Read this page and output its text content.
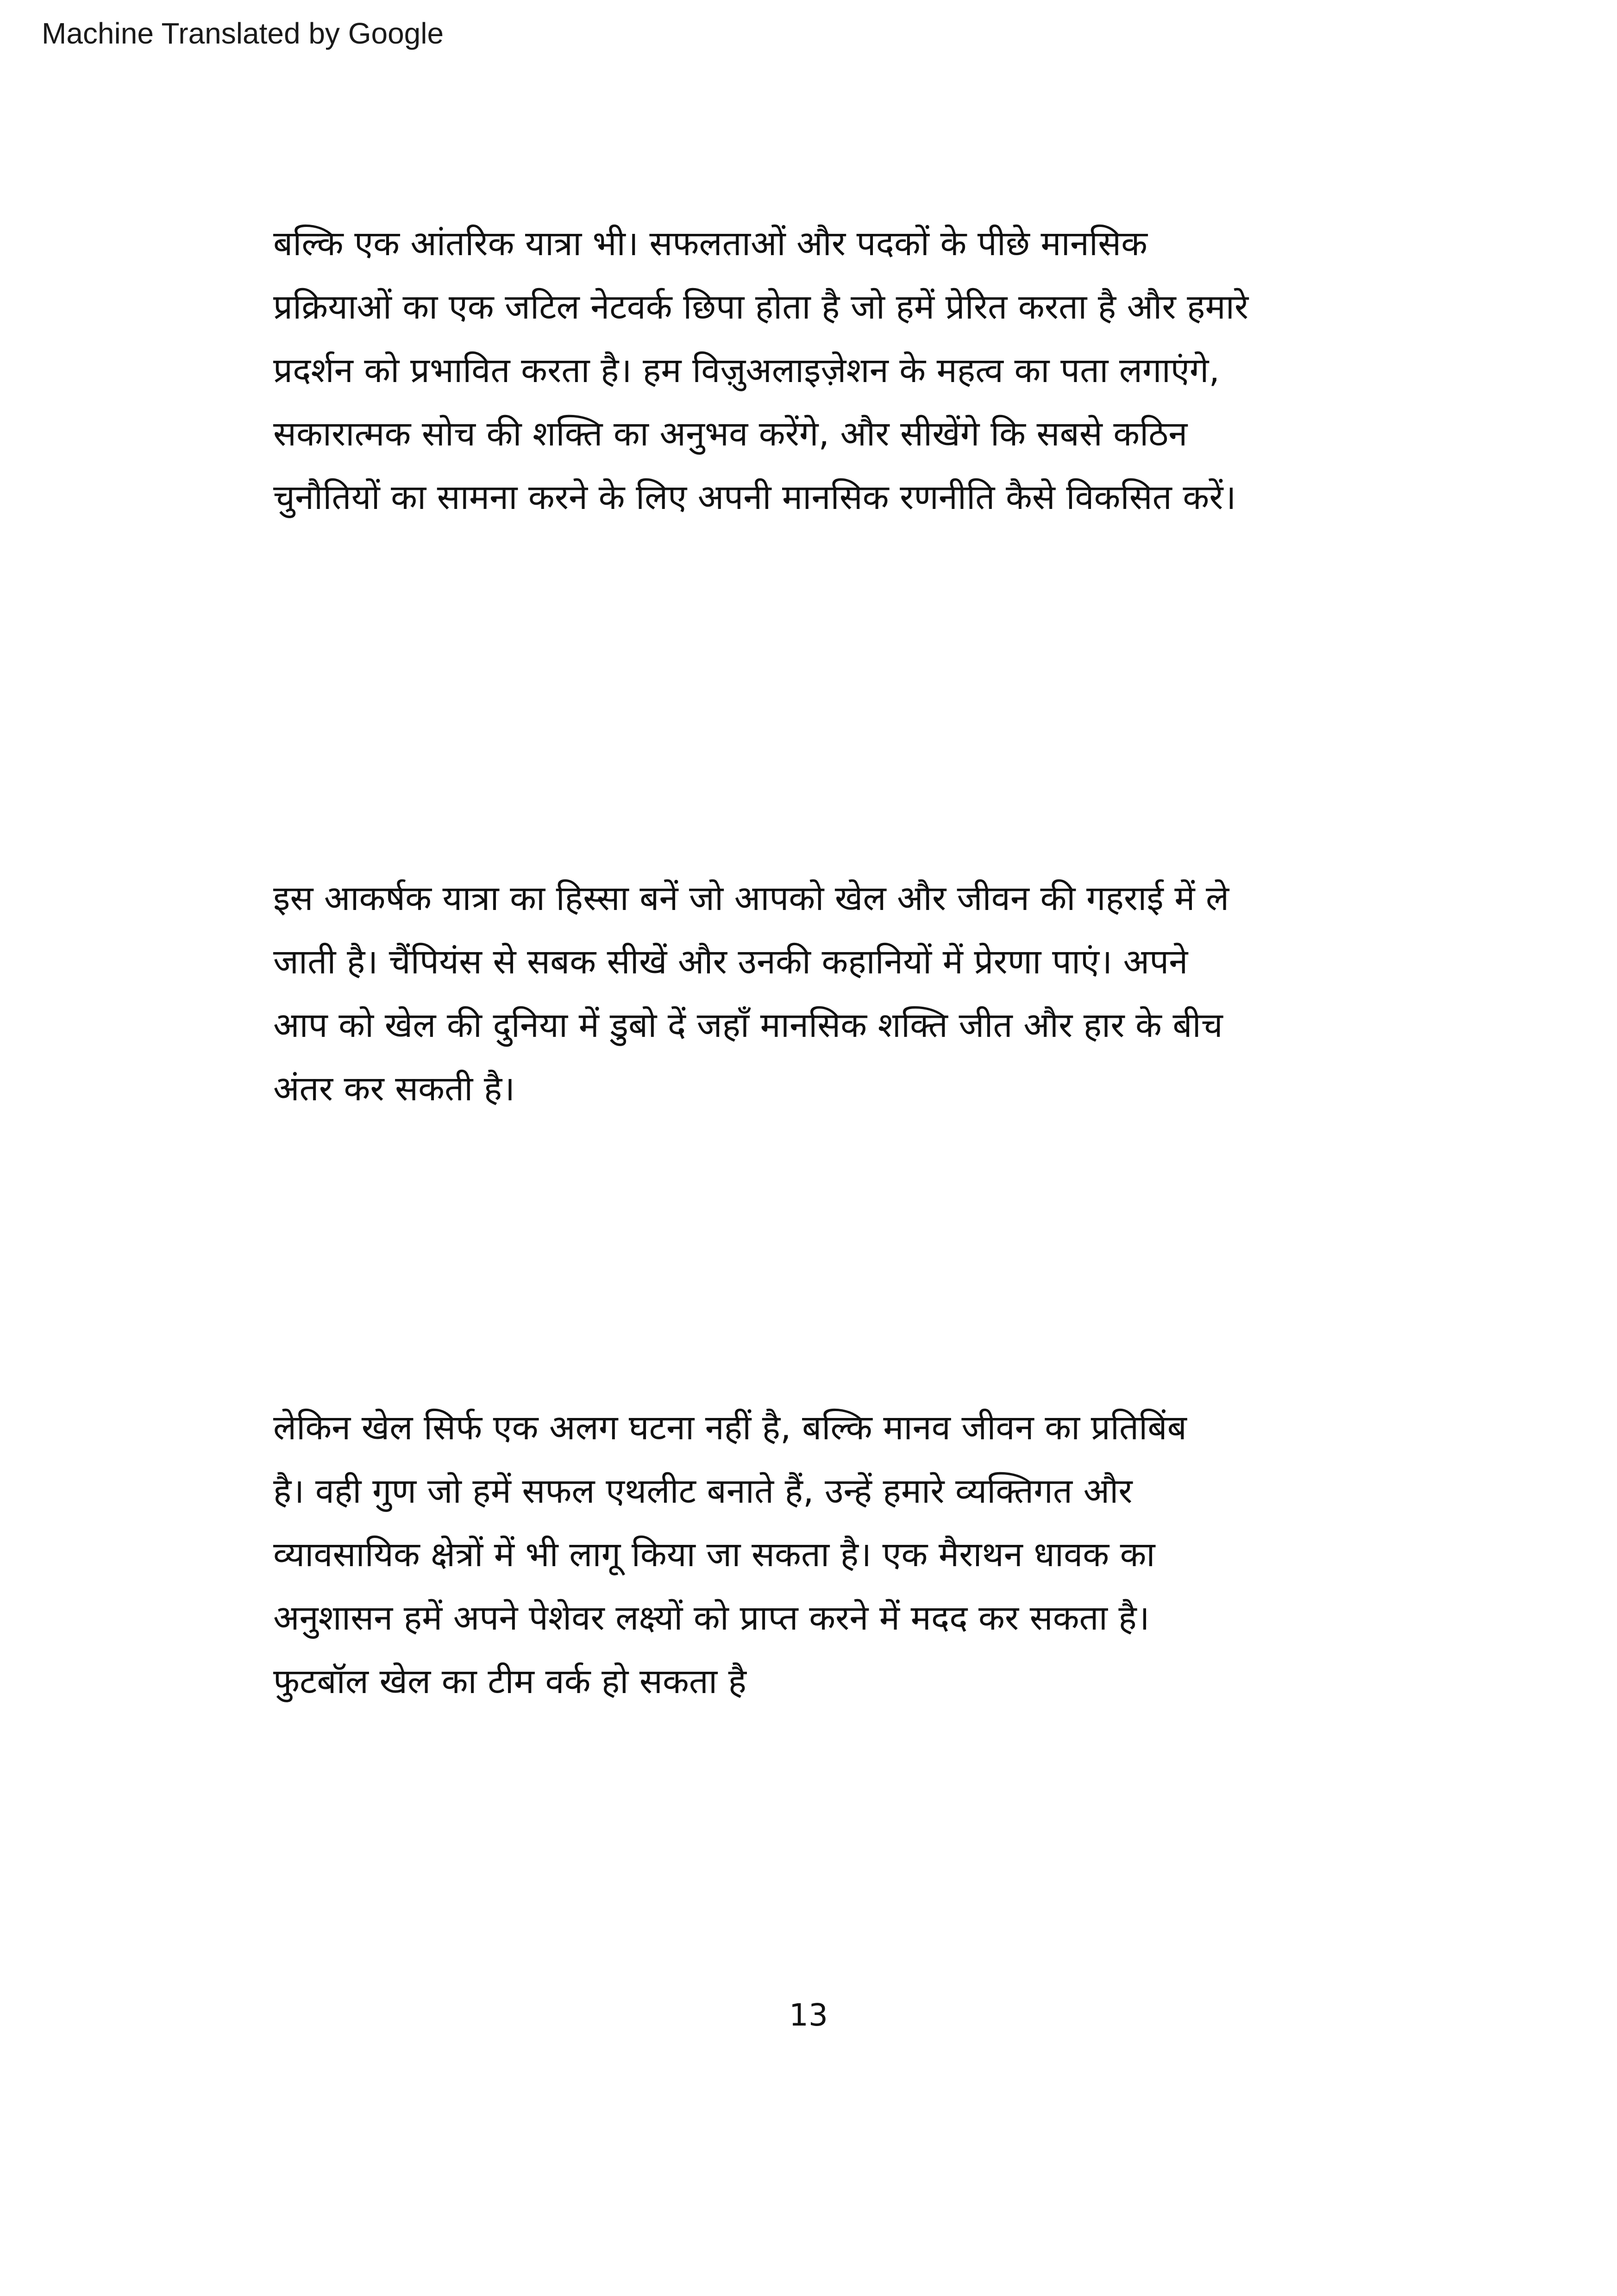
Machine Translated by Google
बल्कि एक आंतरिक यात्रा भी। सफलताओं और पदकों के पीछे मानसिक
प्रक्रियाओं का एक जटिल नेटवर्क छिपा होता है जो हमें प्रेरित करता है और हमारे
प्रदर्शन को प्रभावित करता है। हम विज़ुअलाइज़ेशन के महत्व का पता लगाएंगे,
सकारात्मक सोच की शक्ति का अनुभव करेंगे, और सीखेंगे कि सबसे कठिन
चुनौतियों का सामना करने के लिए अपनी मानसिक रणनीति कैसे विकसित करें।
इस आकर्षक यात्रा का हिस्सा बनें जो आपको खेल और जीवन की गहराई में ले
जाती है। चैंपियंस से सबक सीखें और उनकी कहानियों में प्रेरणा पाएं। अपने
आप को खेल की दुनिया में डुबो दें जहाँ मानसिक शक्ति जीत और हार के बीच
अंतर कर सकती है।
लेकिन खेल सिर्फ एक अलग घटना नहीं है, बल्कि मानव जीवन का प्रतिबिंब
है। वही गुण जो हमें सफल एथलीट बनाते हैं, उन्हें हमारे व्यक्तिगत और
व्यावसायिक क्षेत्रों में भी लागू किया जा सकता है। एक मैराथन धावक का
अनुशासन हमें अपने पेशेवर लक्ष्यों को प्राप्त करने में मदद कर सकता है।
फुटबॉल खेल का टीम वर्क हो सकता है
13
